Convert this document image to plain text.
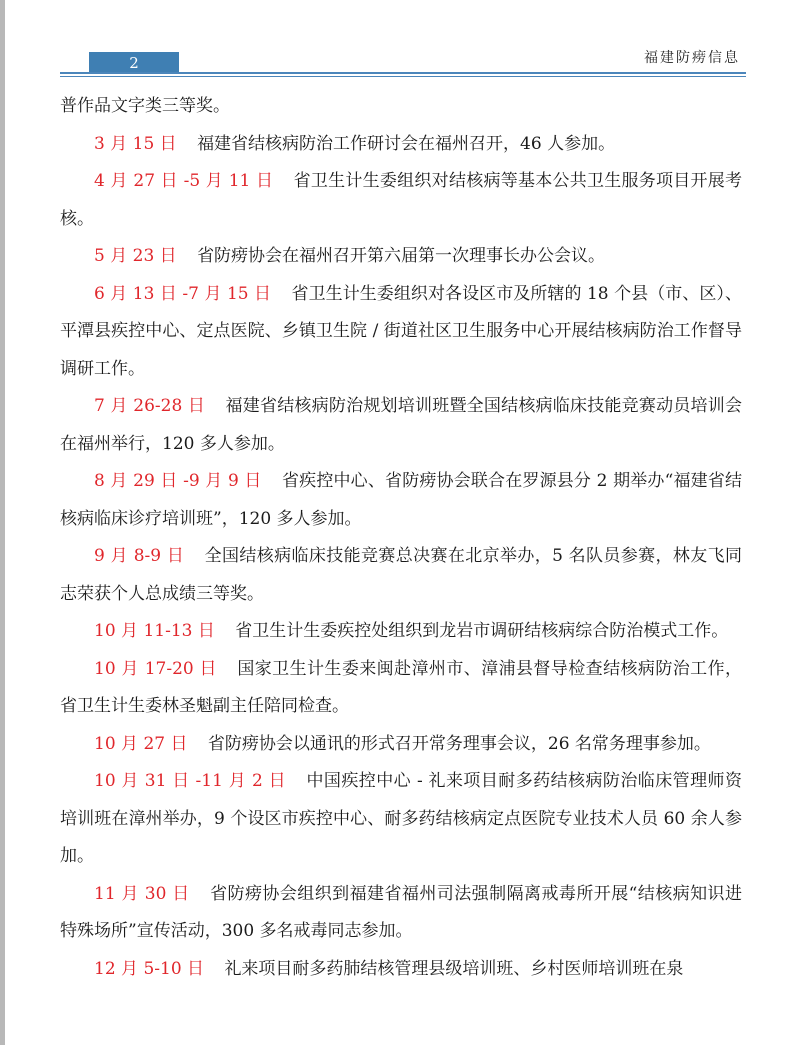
2	福建防痨信息

普作品文字类三等奖。

3 月 15 日 福建省结核病防治工作研讨会在福州召开，46 人参加。

4 月 27 日 -5 月 11 日 省卫生计生委组织对结核病等基本公共卫生服务项目开展考核。

5 月 23 日 省防痨协会在福州召开第六届第一次理事长办公会议。

6 月 13 日 -7 月 15 日 省卫生计生委组织对各设区市及所辖的 18 个县（市、区）、平潭县疾控中心、定点医院、乡镇卫生院 / 街道社区卫生服务中心开展结核病防治工作督导调研工作。

7 月 26-28 日 福建省结核病防治规划培训班暨全国结核病临床技能竞赛动员培训会在福州举行，120 多人参加。

8 月 29 日 -9 月 9 日 省疾控中心、省防痨协会联合在罗源县分 2 期举办“福建省结核病临床诊疗培训班”，120 多人参加。

9 月 8-9 日 全国结核病临床技能竞赛总决赛在北京举办，5 名队员参赛，林友飞同志荣获个人总成绩三等奖。

10 月 11-13 日 省卫生计生委疾控处组织到龙岩市调研结核病综合防治模式工作。

10 月 17-20 日 国家卫生计生委来闽赴漳州市、漳浦县督导检查结核病防治工作，省卫生计生委林圣魁副主任陪同检查。

10 月 27 日 省防痨协会以通讯的形式召开常务理事会议，26 名常务理事参加。

10 月 31 日 -11 月 2 日 中国疾控中心 - 礼来项目耐多药结核病防治临床管理师资培训班在漳州举办，9 个设区市疾控中心、耐多药结核病定点医院专业技术人员 60 余人参加。

11 月 30 日 省防痨协会组织到福建省福州司法强制隔离戒毒所开展“结核病知识进特殊场所”宣传活动，300 多名戒毒同志参加。

12 月 5-10 日 礼来项目耐多药肺结核管理县级培训班、乡村医师培训班在泉
